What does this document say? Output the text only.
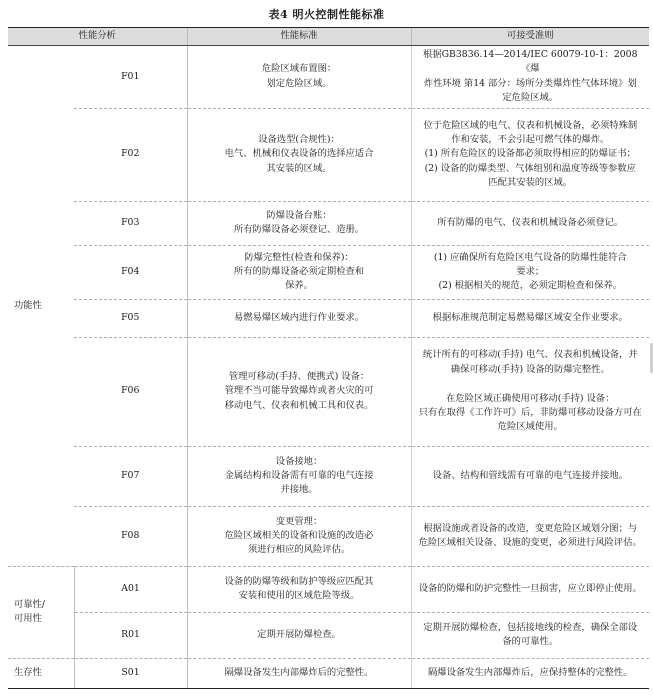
表4 明火控制性能标准
性能分析		性能标准	可接受准则
功能性	F01	危险区域布置图：
划定危险区域。	根据GB3836.14—2014/IEC 60079-10-1：2008《爆
炸性环境 第14 部分：场所分类爆炸性气体环境》划
定危险区域。
	F02	设备选型(合规性)：
电气、机械和仪表设备的选择应适合
其安装的区域。	位于危险区域的电气、仪表和机械设备，必须特殊制
作和安装，不会引起可燃气体的爆炸。
(1) 所有危险区的设备都必须取得相应的防爆证书；
(2) 设备的防爆类型、气体组别和温度等级等参数应
匹配其安装的区域。
	F03	防爆设备台账：
所有防爆设备必须登记、造册。	所有防爆的电气、仪表和机械设备必须登记。
	F04	防爆完整性(检查和保养)：
所有的防爆设备必须定期检查和
保养。	(1) 应确保所有危险区电气设备的防爆性能符合
要求；
(2) 根据相关的规范，必须定期检查和保养。
	F05	易燃易爆区域内进行作业要求。	根据标准规范制定易燃易爆区域安全作业要求。
	F06	管理可移动(手持、便携式) 设备：
管理不当可能导致爆炸或者火灾的可
移动电气、仪表和机械工具和仪表。	统计所有的可移动(手持) 电气、仪表和机械设备，并
确保可移动(手持) 设备的防爆完整性。

在危险区域正确使用可移动(手持) 设备：
只有在取得《工作许可》后，非防爆可移动设备方可在
危险区域使用。
	F07	设备接地：
金属结构和设备需有可靠的电气连接
并接地。	设备、结构和管线需有可靠的电气连接并接地。
	F08	变更管理：
危险区域相关的设备和设施的改造必
须进行相应的风险评估。	根据设施或者设备的改造，变更危险区域划分图；与
危险区域相关设备、设施的变更，必须进行风险评估。
可靠性/
可用性	A01	设备的防爆等级和防护等级应匹配其
安装和使用的区域危险等级。	设备的防爆和防护完整性一旦损害，应立即停止使用。
	R01	定期开展防爆检查。	定期开展防爆检查，包括接地线的检查，确保全部设
备的可靠性。
生存性	S01	隔爆设备发生内部爆炸后的完整性。	隔爆设备发生内部爆炸后，应保持整体的完整性。
